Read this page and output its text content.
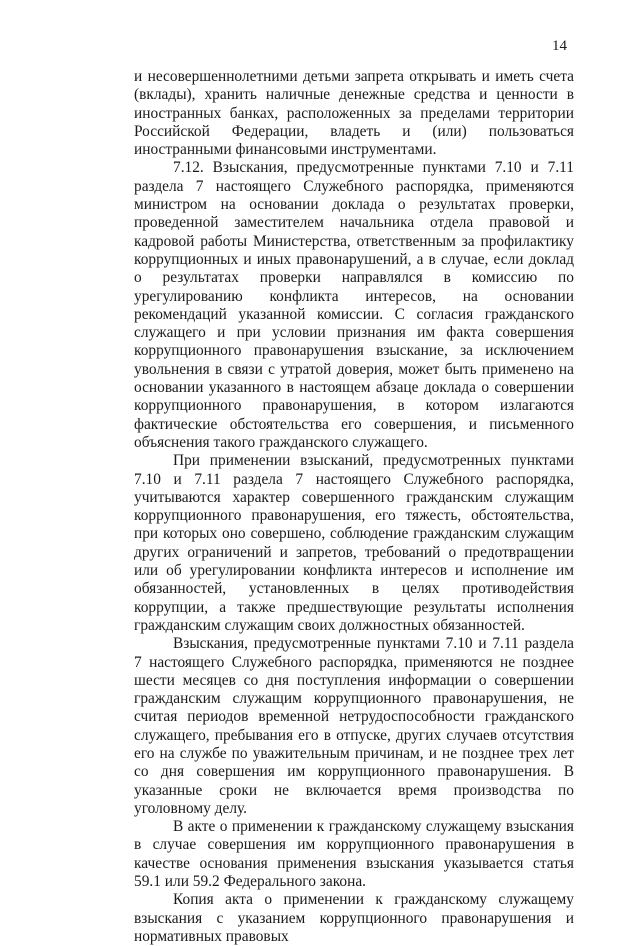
14

и несовершеннолетними детьми запрета открывать и иметь счета (вклады), хранить наличные денежные средства и ценности в иностранных банках, расположенных за пределами территории Российской Федерации, владеть и (или) пользоваться иностранными финансовыми инструментами.

7.12. Взыскания, предусмотренные пунктами 7.10 и 7.11 раздела 7 настоящего Служебного распорядка, применяются министром на основании доклада о результатах проверки, проведенной заместителем начальника отдела правовой и кадровой работы Министерства, ответственным за профилактику коррупционных и иных правонарушений, а в случае, если доклад о результатах проверки направлялся в комиссию по урегулированию конфликта интересов, на основании рекомендаций указанной комиссии. С согласия гражданского служащего и при условии признания им факта совершения коррупционного правонарушения взыскание, за исключением увольнения в связи с утратой доверия, может быть применено на основании указанного в настоящем абзаце доклада о совершении коррупционного правонарушения, в котором излагаются фактические обстоятельства его совершения, и письменного объяснения такого гражданского служащего.

При применении взысканий, предусмотренных пунктами 7.10 и 7.11 раздела 7 настоящего Служебного распорядка, учитываются характер совершенного гражданским служащим коррупционного правонарушения, его тяжесть, обстоятельства, при которых оно совершено, соблюдение гражданским служащим других ограничений и запретов, требований о предотвращении или об урегулировании конфликта интересов и исполнение им обязанностей, установленных в целях противодействия коррупции, а также предшествующие результаты исполнения гражданским служащим своих должностных обязанностей.

Взыскания, предусмотренные пунктами 7.10 и 7.11 раздела 7 настоящего Служебного распорядка, применяются не позднее шести месяцев со дня поступления информации о совершении гражданским служащим коррупционного правонарушения, не считая периодов временной нетрудоспособности гражданского служащего, пребывания его в отпуске, других случаев отсутствия его на службе по уважительным причинам, и не позднее трех лет со дня совершения им коррупционного правонарушения. В указанные сроки не включается время производства по уголовному делу.

В акте о применении к гражданскому служащему взыскания в случае совершения им коррупционного правонарушения в качестве основания применения взыскания указывается статья 59.1 или 59.2 Федерального закона.

Копия акта о применении к гражданскому служащему взыскания с указанием коррупционного правонарушения и нормативных правовых
